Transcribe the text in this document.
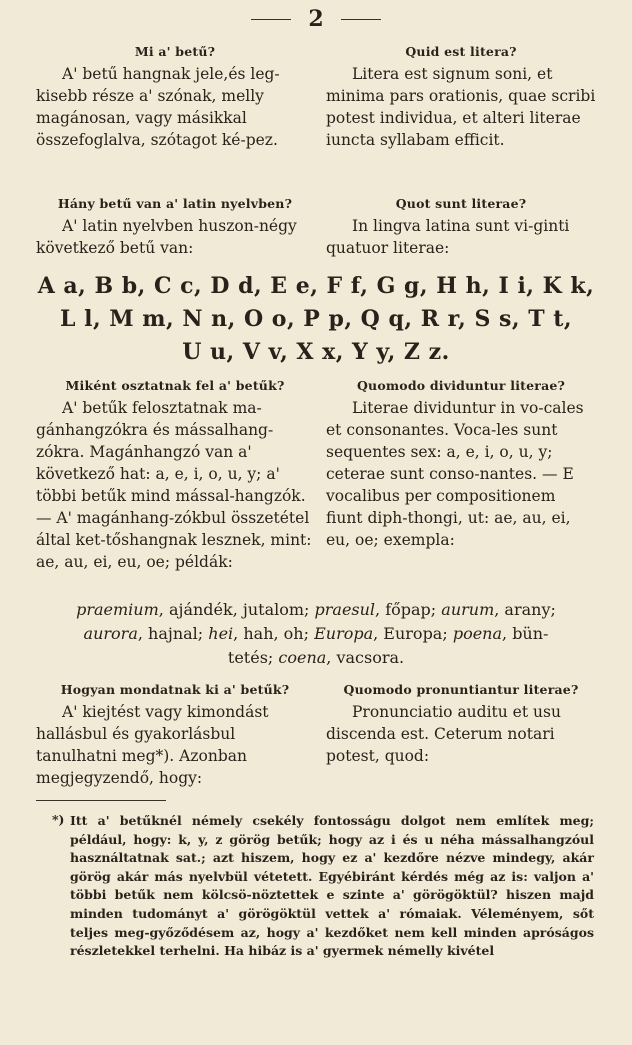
2

Mi a' betű?

A' betű hangnak jele,és leg-kisebb része a' szónak, melly magánosan, vagy másikkal összefoglalva, szótagot ké-pez.

Quid est litera?

Litera est signum soni, et minima pars orationis, quae scribi potest individua, et alteri literae iuncta syllabam efficit.

Hány betű van a' latin nyelvben?

A' latin nyelvben huszon-négy következő betű van:

Quot sunt literae?

In lingva latina sunt vi-ginti quatuor literae:

A a, B b, C c, D d, E e, F f, G g, H h, I i, K k,
L l, M m, N n, O o, P p, Q q, R r, S s, T t,
U u, V v, X x, Y y, Z z.

Miként osztatnak fel a' betűk?

A' betűk felosztatnak ma-gánhangzókra és mássalhang-zókra. Magánhangzó van a' következő hat: a, e, i, o, u, y; a' többi betűk mind mással-hangzók. — A' magánhang-zókbul összetétel által ket-tőshangnak lesznek, mint: ae, au, ei, eu, oe; példák:

Quomodo dividuntur literae?

Literae dividuntur in vo-cales et consonantes. Voca-les sunt sequentes sex: a, e, i, o, u, y; ceterae sunt conso-nantes. — E vocalibus per compositionem fiunt diph-thongi, ut: ae, au, ei, eu, oe; exempla:

praemium, ajándék, jutalom; praesul, főpap; aurum, arany;
aurora, hajnal; hei, hah, oh; Europa, Europa; poena, bün-
tetés; coena, vacsora.

Hogyan mondatnak ki a' betűk?

A' kiejtést vagy kimondást hallásbul és gyakorlásbul tanulhatni meg*). Azonban megjegyzendő, hogy:

Quomodo pronuntiantur literae?

Pronunciatio auditu et usu discenda est. Ceterum notari potest, quod:

*) Itt a' betűknél némely csekély fontosságu dolgot nem említek meg; például, hogy: k, y, z görög betűk; hogy az i és u néha mássalhangzóul használtatnak sat.; azt hiszem, hogy ez a' kezdőre nézve mindegy, akár görög akár más nyelvbül vétetett. Egyébiránt kérdés még az is: valjon a' többi betűk nem kölcsö-nöztettek e szinte a' görögöktül? hiszen majd minden tudományt a' görögöktül vettek a' rómaiak. Véleményem, sőt teljes meg-győződésem az, hogy a' kezdőket nem kell minden apróságos részletekkel terhelni. Ha hibáz is a' gyermek némelly kivétel
